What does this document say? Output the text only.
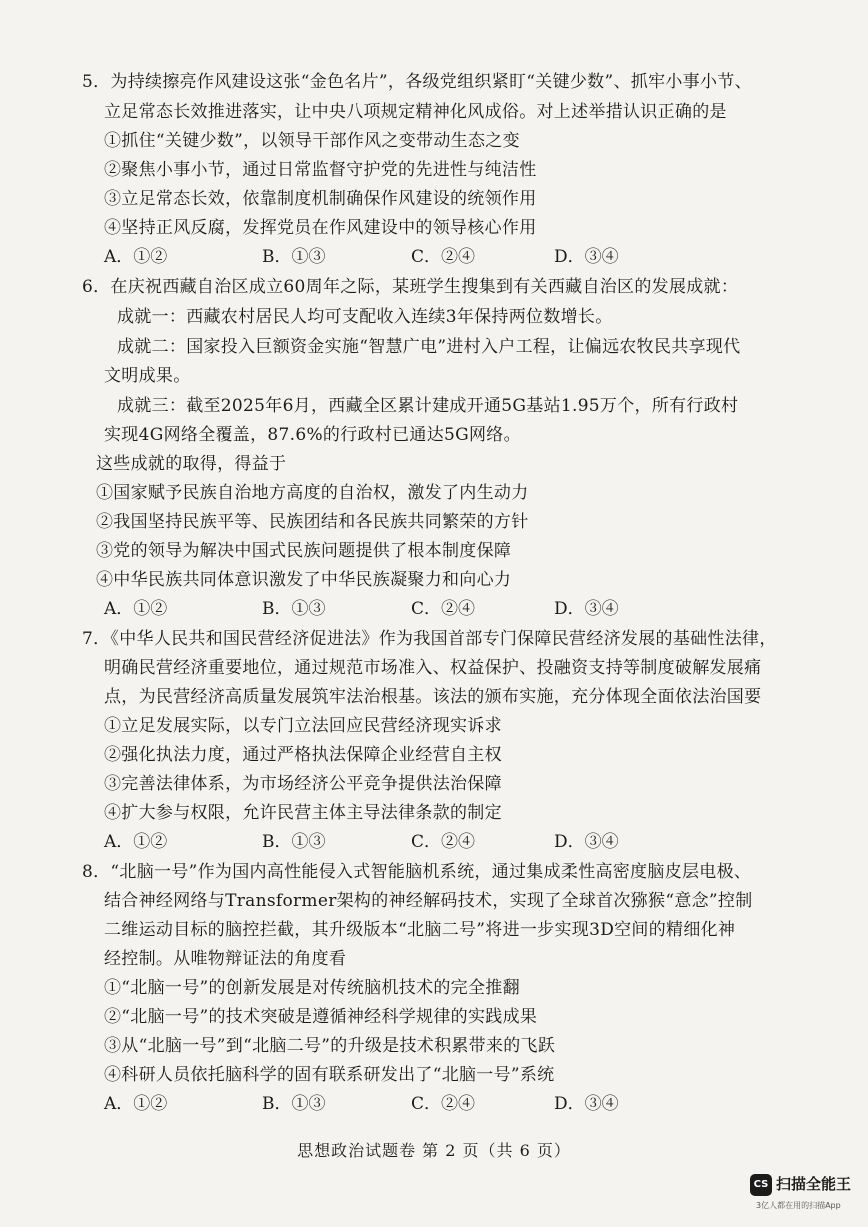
5．为持续擦亮作风建设这张“金色名片”，各级党组织紧盯“关键少数”、抓牢小事小节、
立足常态长效推进落实，让中央八项规定精神化风成俗。对上述举措认识正确的是
①抓住“关键少数”，以领导干部作风之变带动生态之变
②聚焦小事小节，通过日常监督守护党的先进性与纯洁性
③立足常态长效，依靠制度机制确保作风建设的统领作用
④坚持正风反腐，发挥党员在作风建设中的领导核心作用
A．①②	B．①③	C．②④	D．③④
6．在庆祝西藏自治区成立60周年之际，某班学生搜集到有关西藏自治区的发展成就：
成就一：西藏农村居民人均可支配收入连续3年保持两位数增长。
成就二：国家投入巨额资金实施“智慧广电”进村入户工程，让偏远农牧民共享现代
文明成果。
成就三：截至2025年6月，西藏全区累计建成开通5G基站1.95万个，所有行政村
实现4G网络全覆盖，87.6%的行政村已通达5G网络。
这些成就的取得，得益于
①国家赋予民族自治地方高度的自治权，激发了内生动力
②我国坚持民族平等、民族团结和各民族共同繁荣的方针
③党的领导为解决中国式民族问题提供了根本制度保障
④中华民族共同体意识激发了中华民族凝聚力和向心力
A．①②	B．①③	C．②④	D．③④
7．《中华人民共和国民营经济促进法》作为我国首部专门保障民营经济发展的基础性法律，
明确民营经济重要地位，通过规范市场准入、权益保护、投融资支持等制度破解发展痛
点，为民营经济高质量发展筑牢法治根基。该法的颁布实施，充分体现全面依法治国要
①立足发展实际，以专门立法回应民营经济现实诉求
②强化执法力度，通过严格执法保障企业经营自主权
③完善法律体系，为市场经济公平竞争提供法治保障
④扩大参与权限，允许民营主体主导法律条款的制定
A．①②	B．①③	C．②④	D．③④
8．“北脑一号”作为国内高性能侵入式智能脑机系统，通过集成柔性高密度脑皮层电极、
结合神经网络与Transformer架构的神经解码技术，实现了全球首次猕猴“意念”控制
二维运动目标的脑控拦截，其升级版本“北脑二号”将进一步实现3D空间的精细化神
经控制。从唯物辩证法的角度看
①“北脑一号”的创新发展是对传统脑机技术的完全推翻
②“北脑一号”的技术突破是遵循神经科学规律的实践成果
③从“北脑一号”到“北脑二号”的升级是技术积累带来的飞跃
④科研人员依托脑科学的固有联系研发出了“北脑一号”系统
A．①②	B．①③	C．②④	D．③④
思想政治试题卷 第 2 页（共 6 页）
CS 扫描全能王
3亿人都在用的扫描App
